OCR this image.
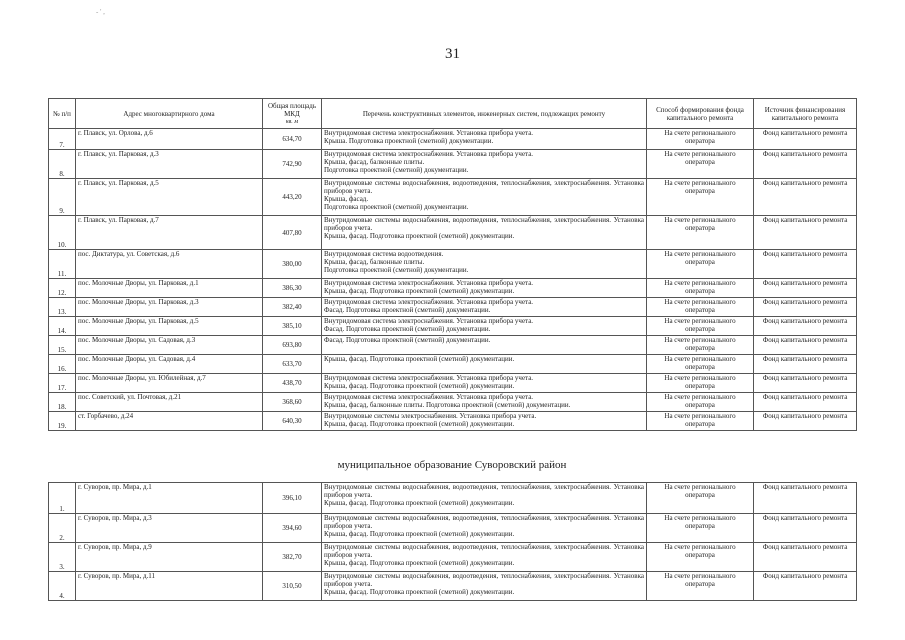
- ' ,
31
№ п/п	Адрес многоквартирного дома	Общая площадь МКД
кв. м
	Перечень конструктивных элементов, инженерных систем, подлежащих ремонту	Способ формирования фонда капитального ремонта	Источник финансирования капитального ремонта
7.	г. Плавск, ул. Орлова, д.6	634,70	Внутридомовая система электроснабжения. Установка прибора учета.
Крыша. Подготовка проектной (сметной) документации.	На счете регионального оператора	Фонд капитального ремонта
8.	г. Плавск, ул. Парковая, д.3	742,90	Внутридомовая система электроснабжения. Установка прибора учета.
Крыша, фасад, балконные плиты.
Подготовка проектной (сметной) документации.	На счете регионального оператора	Фонд капитального ремонта
9.	г. Плавск, ул. Парковая, д.5	443,20	Внутридомовые системы водоснабжения, водоотведения, теплоснабжения, электроснабжения. Установка приборов учета.
Крыша, фасад.
Подготовка проектной (сметной) документации.	На счете регионального оператора	Фонд капитального ремонта
10.	г. Плавск, ул. Парковая, д.7	407,80	Внутридомовые системы водоснабжения, водоотведения, теплоснабжения, электроснабжения. Установка приборов учета.
Крыша, фасад. Подготовка проектной (сметной) документации.	На счете регионального оператора	Фонд капитального ремонта
11.	пос. Диктатура, ул. Советская, д.6	380,00	Внутридомовая система водоотведения.
Крыша, фасад, балконные плиты.
Подготовка проектной (сметной) документации.	На счете регионального оператора	Фонд капитального ремонта
12.	пос. Молочные Дворы, ул. Парковая, д.1	386,30	Внутридомовая система электроснабжения. Установка прибора учета.
Крыша, фасад. Подготовка проектной (сметной) документации.	На счете регионального оператора	Фонд капитального ремонта
13.	пос. Молочные Дворы, ул. Парковая, д.3	382,40	Внутридомовая система электроснабжения. Установка прибора учета.
Фасад. Подготовка проектной (сметной) документации.	На счете регионального оператора	Фонд капитального ремонта
14.	пос. Молочные Дворы, ул. Парковая, д.5	385,10	Внутридомовая система электроснабжения. Установка прибора учета.
Фасад. Подготовка проектной (сметной) документации.	На счете регионального оператора	Фонд капитального ремонта
15.	пос. Молочные Дворы, ул. Садовая, д.3	693,80	Фасад. Подготовка проектной (сметной) документации.	На счете регионального оператора	Фонд капитального ремонта
16.	пос. Молочные Дворы, ул. Садовая, д.4	633,70	Крыша, фасад. Подготовка проектной (сметной) документации.	На счете регионального оператора	Фонд капитального ремонта
17.	пос. Молочные Дворы, ул. Юбилейная, д.7	438,70	Внутридомовая система электроснабжения. Установка прибора учета.
Крыша, фасад. Подготовка проектной (сметной) документации.	На счете регионального оператора	Фонд капитального ремонта
18.	пос. Советский, ул. Почтовая, д.21	368,60	Внутридомовая система электроснабжения. Установка прибора учета.
Крыша, фасад, балконные плиты. Подготовка проектной (сметной) документации.	На счете регионального оператора	Фонд капитального ремонта
19.	ст. Горбачево, д.24	640,30	Внутридомовые системы электроснабжения. Установка прибора учета.
Крыша, фасад. Подготовка проектной (сметной) документации.	На счете регионального оператора	Фонд капитального ремонта
муниципальное образование Суворовский район
1.	г. Суворов, пр. Мира, д.1	396,10	Внутридомовые системы водоснабжения, водоотведения, теплоснабжения, электроснабжения. Установка приборов учета.
Крыша, фасад. Подготовка проектной (сметной) документации.	На счете регионального оператора	Фонд капитального ремонта
2.	г. Суворов, пр. Мира, д.3	394,60	Внутридомовые системы водоснабжения, водоотведения, теплоснабжения, электроснабжения. Установка приборов учета.
Крыша, фасад. Подготовка проектной (сметной) документации.	На счете регионального оператора	Фонд капитального ремонта
3.	г. Суворов, пр. Мира, д.9	382,70	Внутридомовые системы водоснабжения, водоотведения, теплоснабжения, электроснабжения. Установка приборов учета.
Крыша, фасад. Подготовка проектной (сметной) документации.	На счете регионального оператора	Фонд капитального ремонта
4.	г. Суворов, пр. Мира, д.11	310,50	Внутридомовые системы водоснабжения, водоотведения, теплоснабжения, электроснабжения. Установка приборов учета.
Крыша, фасад. Подготовка проектной (сметной) документации.	На счете регионального оператора	Фонд капитального ремонта
